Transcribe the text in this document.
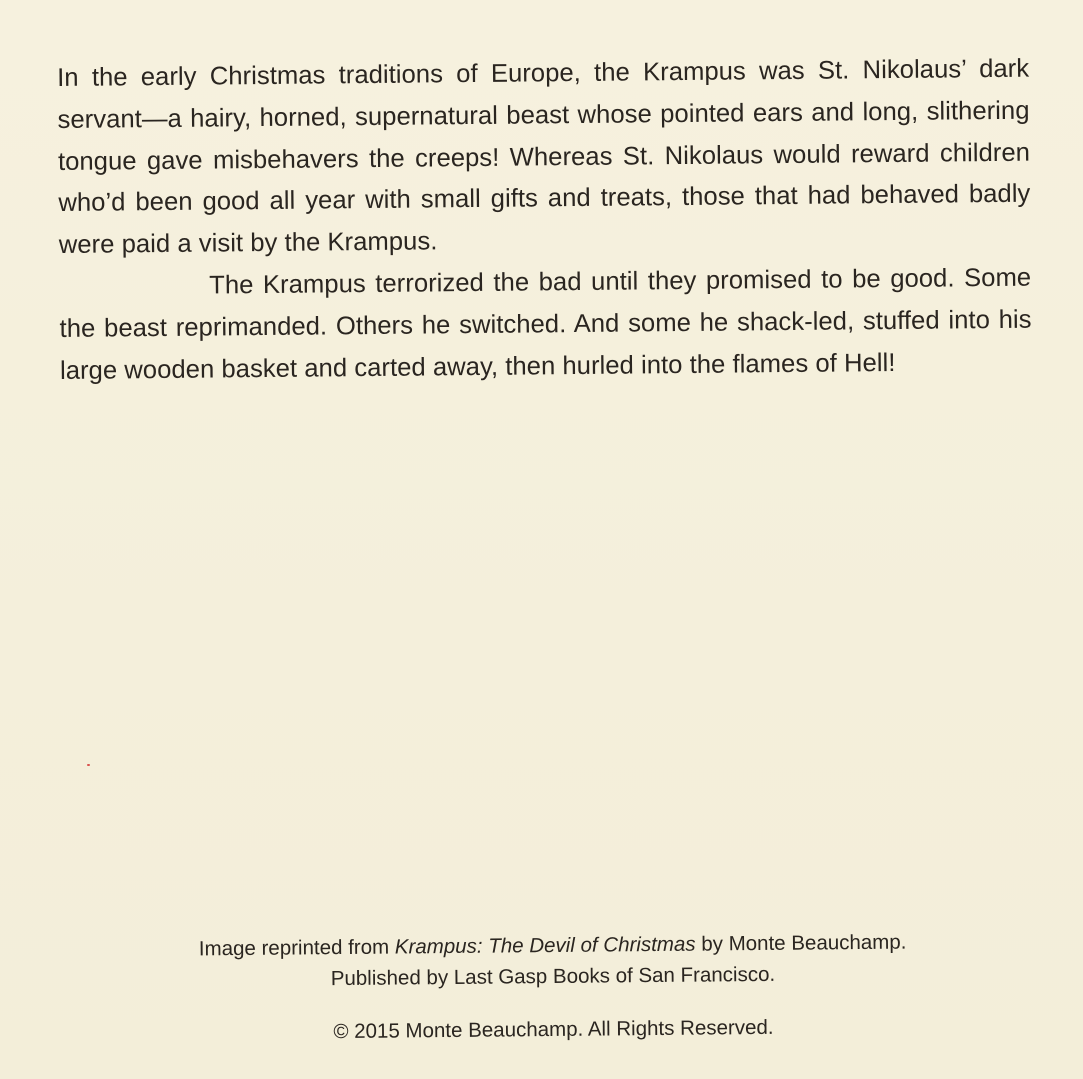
In the early Christmas traditions of Europe, the Krampus was St. Nikolaus’ dark servant—a hairy, horned, supernatural beast whose pointed ears and long, slithering tongue gave misbehavers the creeps! Whereas St. Nikolaus would reward children who’d been good all year with small gifts and treats, those that had behaved badly were paid a visit by the Krampus.

The Krampus terrorized the bad until they promised to be good. Some the beast reprimanded. Others he switched. And some he shack-led, stuffed into his large wooden basket and carted away, then hurled into the flames of Hell!

Image reprinted from Krampus: The Devil of Christmas by Monte Beauchamp.
Published by Last Gasp Books of San Francisco.
© 2015 Monte Beauchamp. All Rights Reserved.
